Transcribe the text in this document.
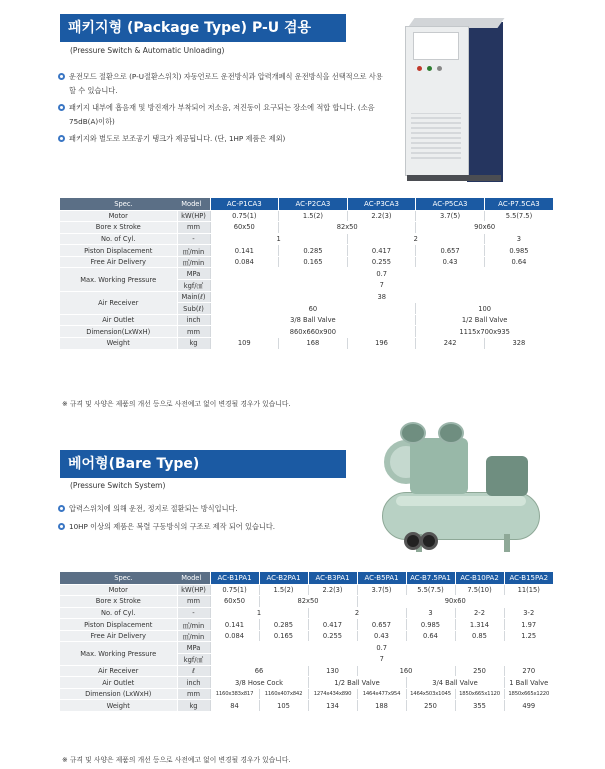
패키지형 (Package Type) P-U 겸용
(Pressure Switch & Automatic Unloading)
운전모드 절환으로 (P-U절환스위치) 자동언로드 운전방식과 압력개폐식 운전방식을 선택적으로 사용할 수 있습니다.
패키지 내부에 흡음재 및 방진재가 부착되어 저소음, 저진동이 요구되는 장소에 적합 합니다. (소음75dB(A)이하)
패키지와 별도로 보조공기 탱크가 제공됩니다. (단, 1HP 제품은 제외)
Spec.	Model	AC-P1CA3	AC-P2CA3	AC-P3CA3	AC-P5CA3	AC-P7.5CA3
Motor	kW(HP)	0.75(1)	1.5(2)	2.2(3)	3.7(5)	5.5(7.5)
Bore x Stroke	mm	60x50	82x50		90x60	
No. of Cyl.	-	1		2		3
Piston Displacement	㎥/min	0.141	0.285	0.417	0.657	0.985
Free Air Delivery	㎥/min	0.084	0.165	0.255	0.43	0.64
Max. Working Pressure	MPa	0.7				
	kgf/㎠	7				
Air Receiver	Main(ℓ)	38				
	Sub(ℓ)	60			100	
Air Outlet	inch	3/8 Ball Valve			1/2 Ball Valve	
Dimension(LxWxH)	mm	860x660x900			1115x700x935	
Weight	kg	109	168	196	242	328
※ 규격 및 사양은 제품의 개선 등으로 사전예고 없이 변경될 경우가 있습니다.
베어형(Bare Type)
(Pressure Switch System)
압력스위치에 의해 운전, 정지로 절환되는 방식입니다.
10HP 이상의 제품은 복렬 구동방식의 구조로 제작 되어 있습니다.
Spec.	Model	AC-B1PA1	AC-B2PA1	AC-B3PA1	AC-B5PA1	AC-B7.5PA1	AC-B10PA2	AC-B15PA2
Motor	kW(HP)	0.75(1)	1.5(2)	2.2(3)	3.7(5)	5.5(7.5)	7.5(10)	11(15)
Bore x Stroke	mm	60x50	82x50		90x60			
No. of Cyl.	-	1		2		3	2-2	3-2
Piston Displacement	㎥/min	0.141	0.285	0.417	0.657	0.985	1.314	1.97
Free Air Delivery	㎥/min	0.084	0.165	0.255	0.43	0.64	0.85	1.25
Max. Working Pressure	MPa	0.7						
	kgf/㎠	7						
Air Receiver	ℓ	66		130	160		250	270
Air Outlet	inch	3/8 Hose Cock		1/2 Ball Valve		3/4 Ball Valve		1 Ball Valve
Dimension (LxWxH)	mm	1160x383x817	1160x407x842	1274x434x890	1464x477x954	1464x503x1045	1850x665x1120	1850x665x1220
Weight	kg	84	105	134	188	250	355	499
※ 규격 및 사양은 제품의 개선 등으로 사전예고 없이 변경될 경우가 있습니다.
